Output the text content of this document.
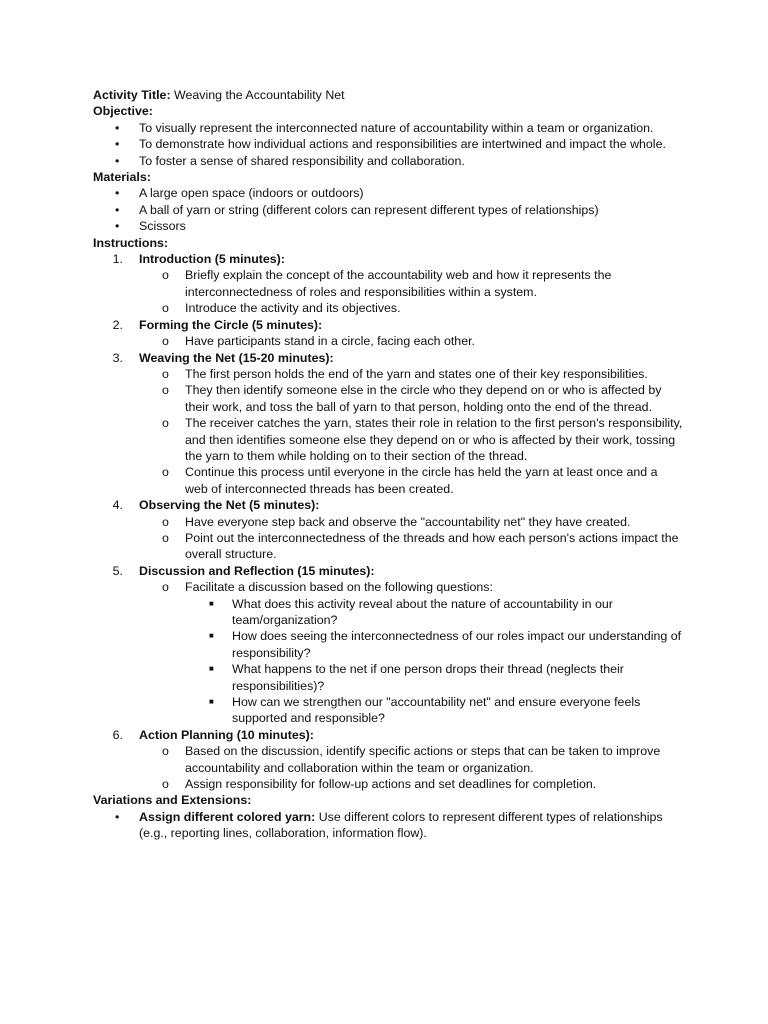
Activity Title: Weaving the Accountability Net

Objective:

• To visually represent the interconnected nature of accountability within a team or organization.
• To demonstrate how individual actions and responsibilities are intertwined and impact the whole.
• To foster a sense of shared responsibility and collaboration.

Materials:

• A large open space (indoors or outdoors)
• A ball of yarn or string (different colors can represent different types of relationships)
• Scissors

Instructions:

1. Introduction (5 minutes):
o Briefly explain the concept of the accountability web and how it represents the interconnectedness of roles and responsibilities within a system.
o Introduce the activity and its objectives.
2. Forming the Circle (5 minutes):
o Have participants stand in a circle, facing each other.
3. Weaving the Net (15-20 minutes):
o The first person holds the end of the yarn and states one of their key responsibilities.
o They then identify someone else in the circle who they depend on or who is affected by their work, and toss the ball of yarn to that person, holding onto the end of the thread.
o The receiver catches the yarn, states their role in relation to the first person's responsibility, and then identifies someone else they depend on or who is affected by their work, tossing the yarn to them while holding on to their section of the thread.
o Continue this process until everyone in the circle has held the yarn at least once and a web of interconnected threads has been created.
4. Observing the Net (5 minutes):
o Have everyone step back and observe the "accountability net" they have created.
o Point out the interconnectedness of the threads and how each person's actions impact the overall structure.
5. Discussion and Reflection (15 minutes):
o Facilitate a discussion based on the following questions:
■ What does this activity reveal about the nature of accountability in our team/organization?
■ How does seeing the interconnectedness of our roles impact our understanding of responsibility?
■ What happens to the net if one person drops their thread (neglects their responsibilities)?
■ How can we strengthen our "accountability net" and ensure everyone feels supported and responsible?
6. Action Planning (10 minutes):
o Based on the discussion, identify specific actions or steps that can be taken to improve accountability and collaboration within the team or organization.
o Assign responsibility for follow-up actions and set deadlines for completion.

Variations and Extensions:

• Assign different colored yarn: Use different colors to represent different types of relationships (e.g., reporting lines, collaboration, information flow).
